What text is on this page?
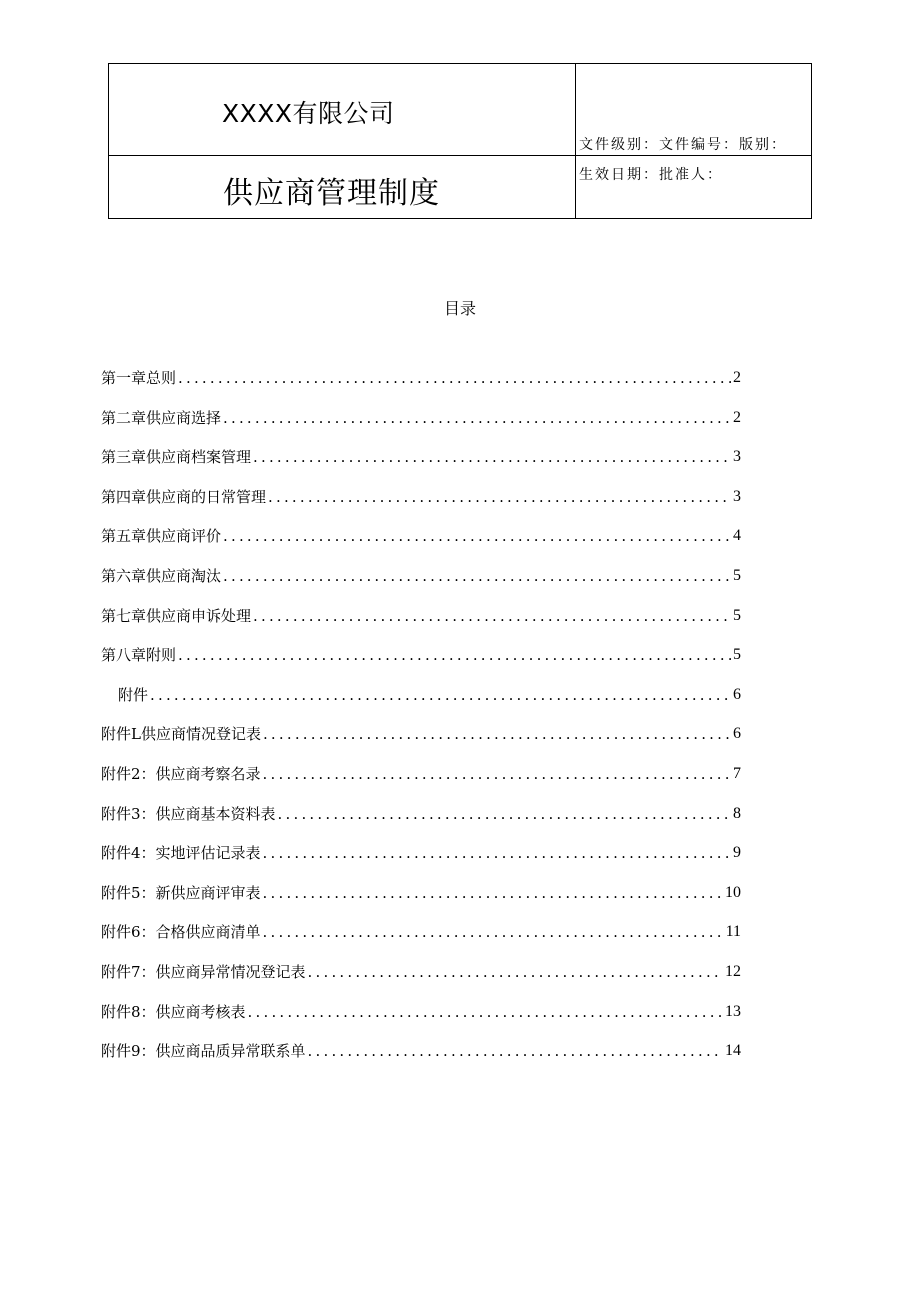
XXXX有限公司
文件级别：文件编号：版别：
供应商管理制度
生效日期：批准人：
目录
第一章总则 .....	2
第二章供应商选择 .....	2
第三章供应商档案管理 .....	3
第四章供应商的日常管理 .....	3
第五章供应商评价 .....	4
第六章供应商淘汰 .....	5
第七章供应商申诉处理 .....	5
第八章附则 .....	5
附件 .....	6
附件L供应商情况登记表 .....	6
附件2：供应商考察名录 .....	7
附件3：供应商基本资料表 .....	8
附件4：实地评估记录表 .....	9
附件5：新供应商评审表 .....	10
附件6：合格供应商清单 .....	11
附件7：供应商异常情况登记表 .....	12
附件8：供应商考核表 .....	13
附件9：供应商品质异常联系单 .....	14
